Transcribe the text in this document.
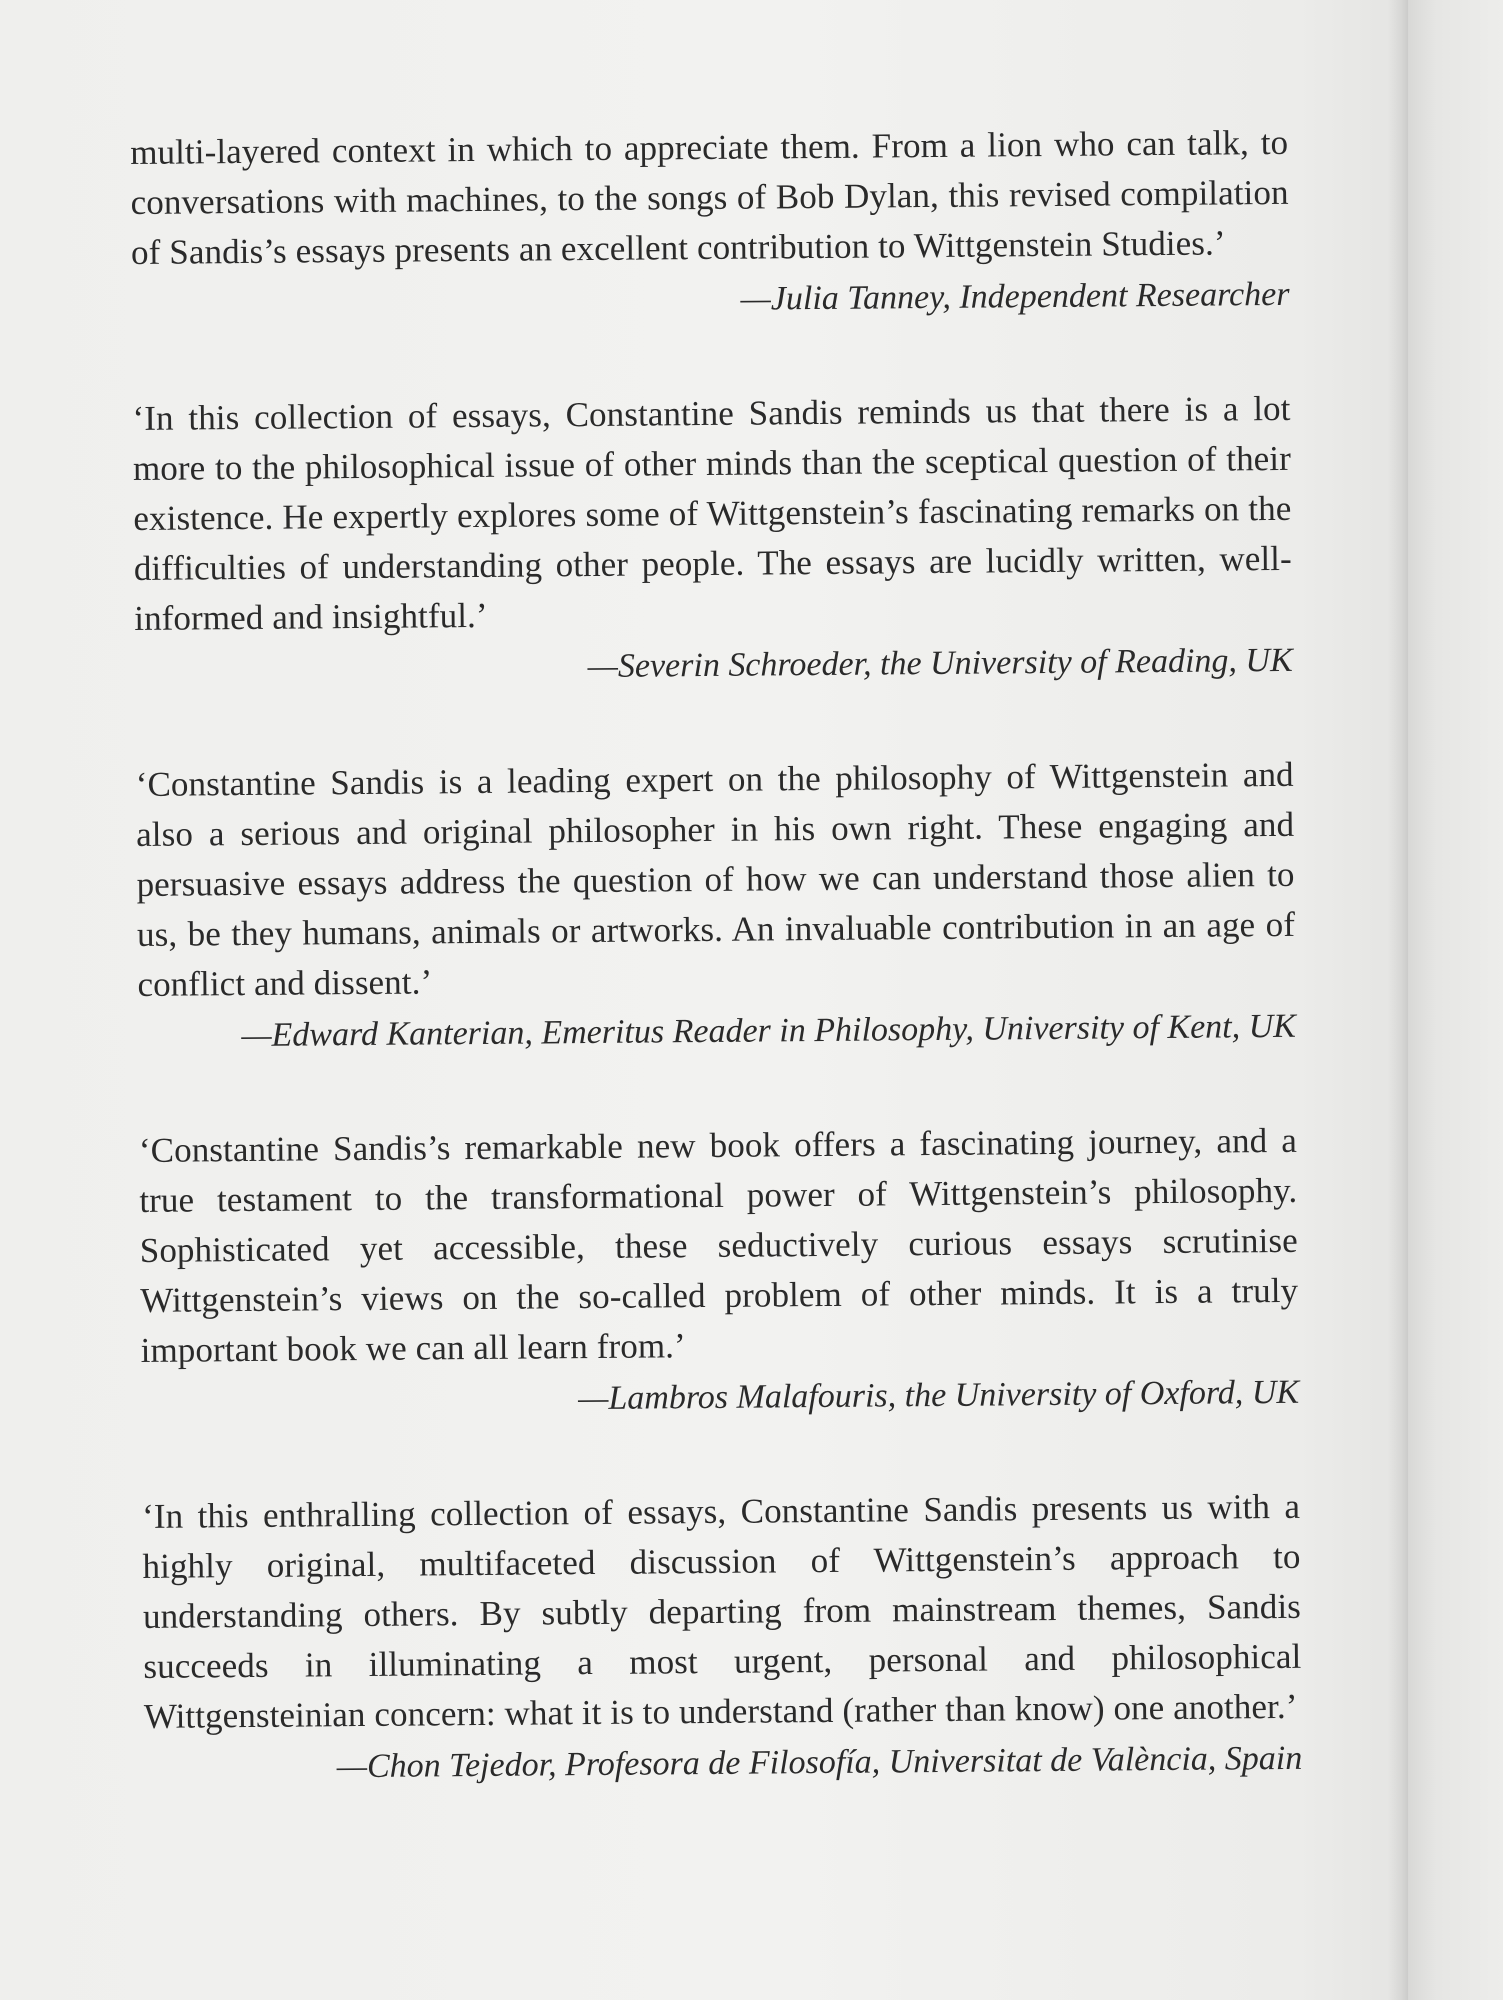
multi-layered context in which to appreciate them. From a lion who can talk, to conversations with machines, to the songs of Bob Dylan, this revised compilation of Sandis’s essays presents an excellent contribution to Wittgenstein Studies.’

—Julia Tanney, Independent Researcher

‘In this collection of essays, Constantine Sandis reminds us that there is a lot more to the philosophical issue of other minds than the sceptical question of their existence. He expertly explores some of Wittgenstein’s fascinating remarks on the difficulties of understanding other people. The essays are lucidly written, well-informed and insightful.’

—Severin Schroeder, the University of Reading, UK

‘Constantine Sandis is a leading expert on the philosophy of Wittgenstein and also a serious and original philosopher in his own right. These engaging and persuasive essays address the question of how we can understand those alien to us, be they humans, animals or artworks. An invaluable contribution in an age of conflict and dissent.’

—Edward Kanterian, Emeritus Reader in Philosophy, University of Kent, UK

‘Constantine Sandis’s remarkable new book offers a fascinating journey, and a true testament to the transformational power of Wittgenstein’s philosophy. Sophisticated yet accessible, these seductively curious essays scrutinise Wittgenstein’s views on the so-called problem of other minds. It is a truly important book we can all learn from.’

—Lambros Malafouris, the University of Oxford, UK

‘In this enthralling collection of essays, Constantine Sandis presents us with a highly original, multifaceted discussion of Wittgenstein’s approach to understanding others. By subtly departing from mainstream themes, Sandis succeeds in illuminating a most urgent, personal and philosophical Wittgensteinian concern: what it is to understand (rather than know) one another.’

—Chon Tejedor, Profesora de Filosofía, Universitat de València, Spain
